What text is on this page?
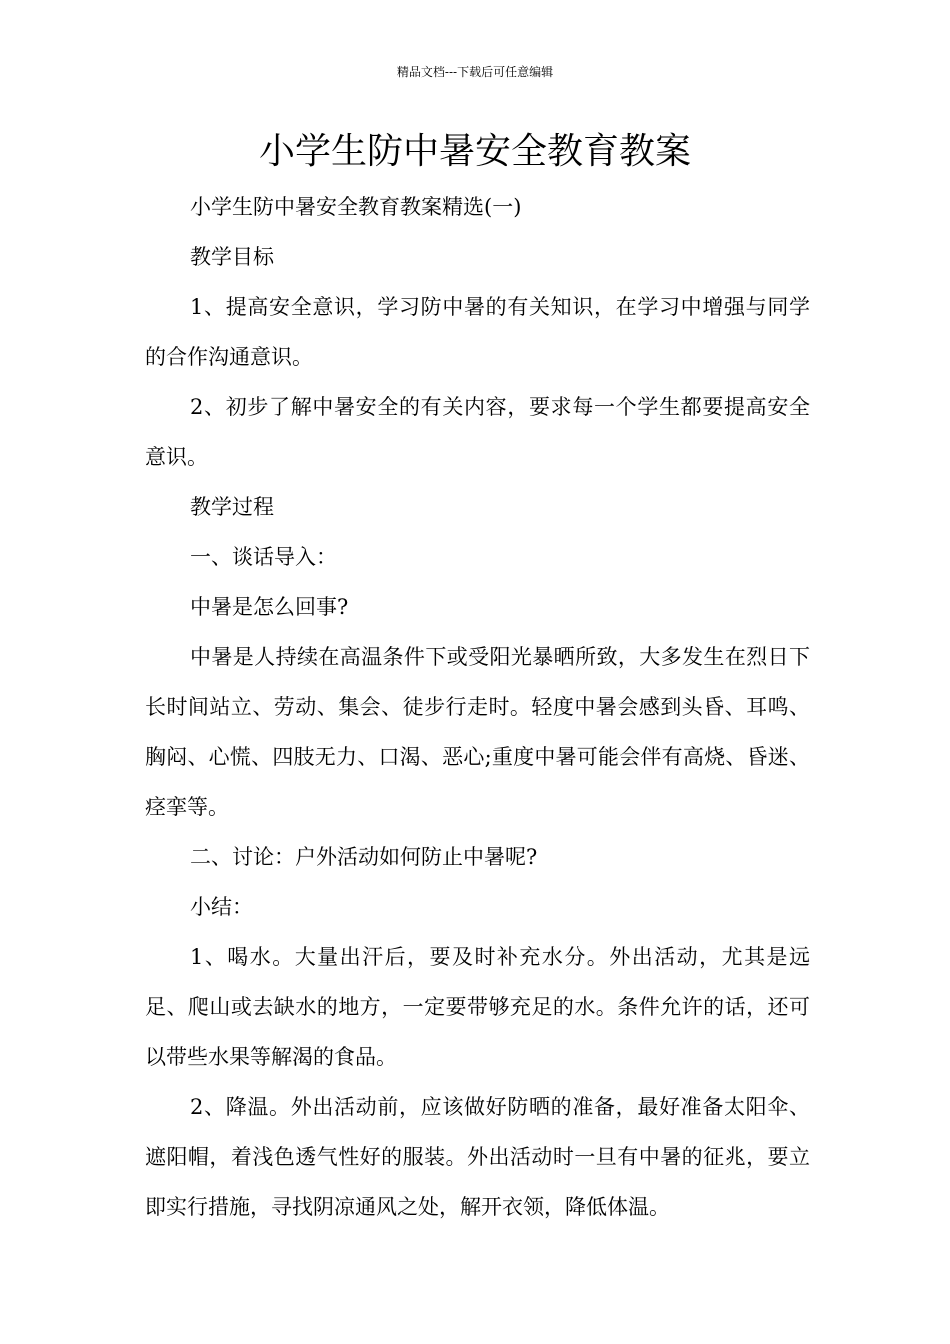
精品文档---下载后可任意编辑
小学生防中暑安全教育教案

小学生防中暑安全教育教案精选(一)

教学目标

1、提高安全意识，学习防中暑的有关知识，在学习中增强与同学的合作沟通意识。

2、初步了解中暑安全的有关内容，要求每一个学生都要提高安全意识。

教学过程

一、谈话导入：

中暑是怎么回事?

中暑是人持续在高温条件下或受阳光暴晒所致，大多发生在烈日下长时间站立、劳动、集会、徒步行走时。轻度中暑会感到头昏、耳鸣、胸闷、心慌、四肢无力、口渴、恶心;重度中暑可能会伴有高烧、昏迷、痉挛等。

二、讨论：户外活动如何防止中暑呢?

小结：

1、喝水。大量出汗后，要及时补充水分。外出活动，尤其是远足、爬山或去缺水的地方，一定要带够充足的水。条件允许的话，还可以带些水果等解渴的食品。

2、降温。外出活动前，应该做好防晒的准备，最好准备太阳伞、遮阳帽，着浅色透气性好的服装。外出活动时一旦有中暑的征兆，要立即实行措施，寻找阴凉通风之处，解开衣领，降低体温。
